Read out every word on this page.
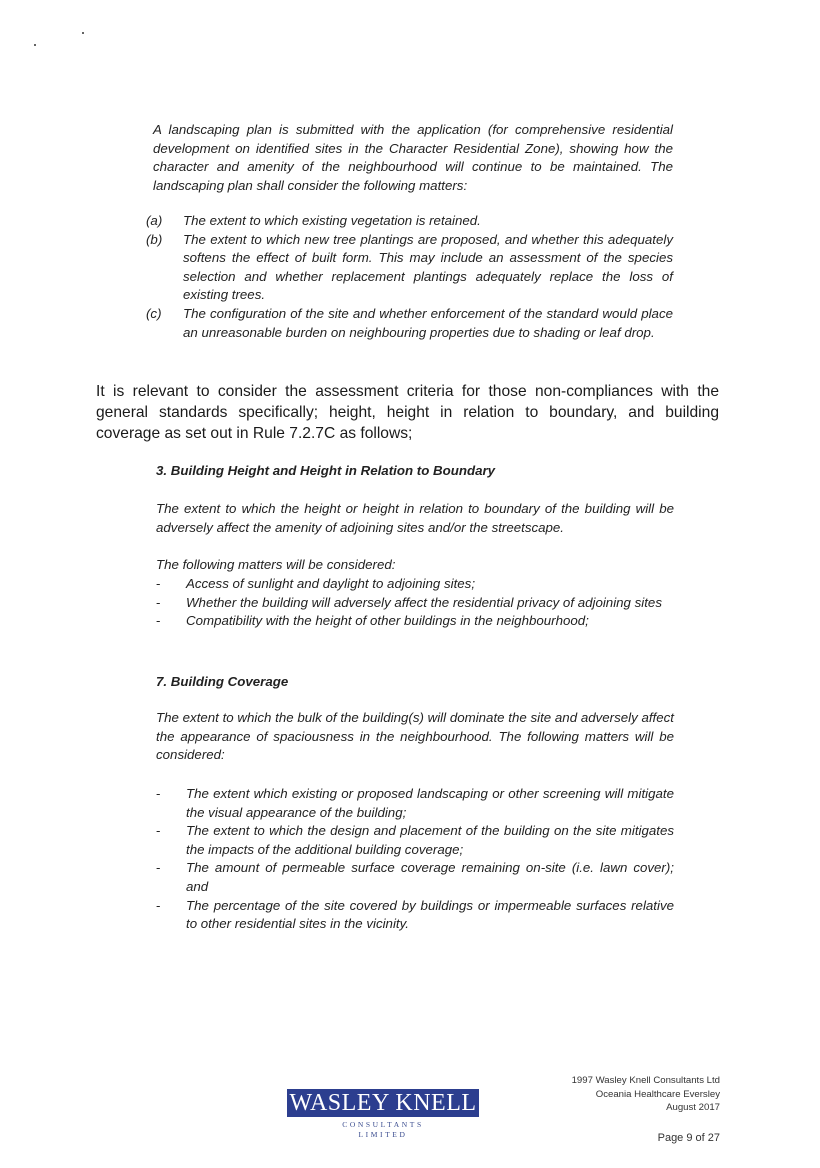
A landscaping plan is submitted with the application (for comprehensive residential development on identified sites in the Character Residential Zone), showing how the character and amenity of the neighbourhood will continue to be maintained. The landscaping plan shall consider the following matters:
(a)	The extent to which existing vegetation is retained.
(b)	The extent to which new tree plantings are proposed, and whether this adequately softens the effect of built form. This may include an assessment of the species selection and whether replacement plantings adequately replace the loss of existing trees.
(c)	The configuration of the site and whether enforcement of the standard would place an unreasonable burden on neighbouring properties due to shading or leaf drop.
It is relevant to consider the assessment criteria for those non-compliances with the general standards specifically; height, height in relation to boundary, and building coverage as set out in Rule 7.2.7C as follows;
3. Building Height and Height in Relation to Boundary
The extent to which the height or height in relation to boundary of the building will be adversely affect the amenity of adjoining sites and/or the streetscape.
The following matters will be considered:
-	Access of sunlight and daylight to adjoining sites;
-	Whether the building will adversely affect the residential privacy of adjoining sites
-	Compatibility with the height of other buildings in the neighbourhood;
7. Building Coverage
The extent to which the bulk of the building(s) will dominate the site and adversely affect the appearance of spaciousness in the neighbourhood. The following matters will be considered:
-	The extent which existing or proposed landscaping or other screening will mitigate the visual appearance of the building;
-	The extent to which the design and placement of the building on the site mitigates the impacts of the additional building coverage;
-	The amount of permeable surface coverage remaining on-site (i.e. lawn cover); and
-	The percentage of the site covered by buildings or impermeable surfaces relative to other residential sites in the vicinity.
WASLEY KNELL
CONSULTANTS
LIMITED
1997 Wasley Knell Consultants Ltd
Oceania Healthcare Eversley
August 2017
Page 9 of 27
